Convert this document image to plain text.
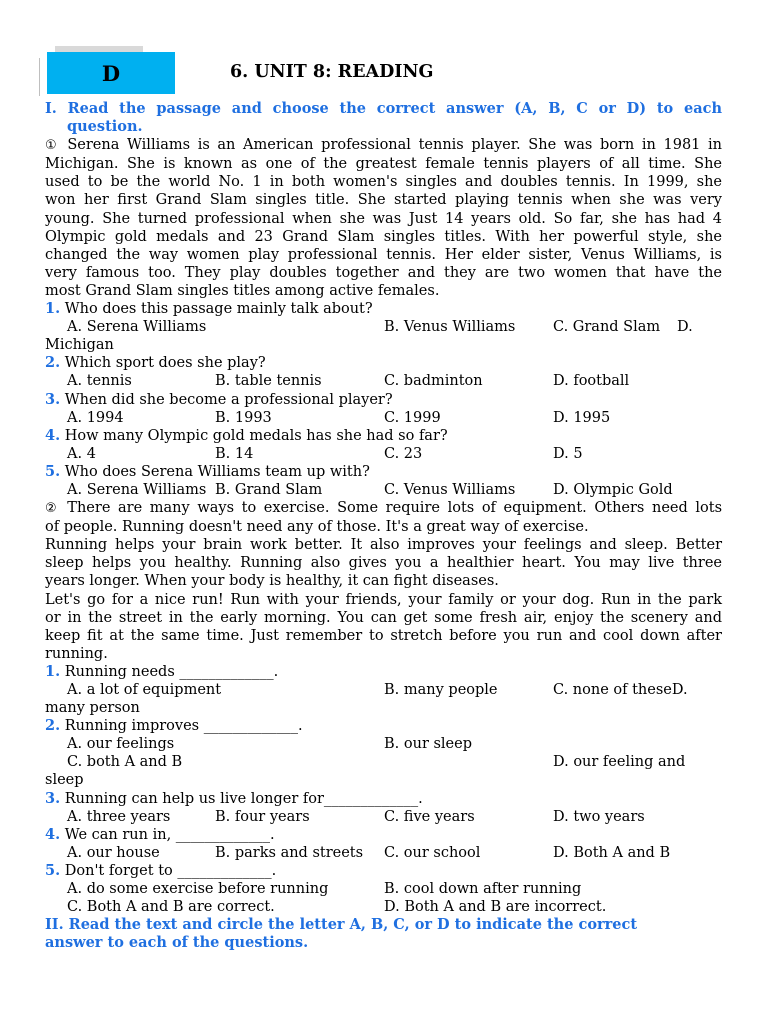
D	6. UNIT 8: READING
I. Read the passage and choose the correct answer (A, B, C or D) to each
question.
① Serena Williams is an American professional tennis player. She was born in 1981 in
Michigan. She is known as one of the greatest female tennis players of all time. She
used to be the world No. 1 in both women's singles and doubles tennis. In 1999, she
won her first Grand Slam singles title. She started playing tennis when she was very
young. She turned professional when she was Just 14 years old. So far, she has had 4
Olympic gold medals and 23 Grand Slam singles titles. With her powerful style, she
changed the way women play professional tennis. Her elder sister, Venus Williams, is
very famous too. They play doubles together and they are two women that have the
most Grand Slam singles titles among active females.
1. Who does this passage mainly talk about?
A. Serena Williams	B. Venus Williams	C. Grand Slam D.
Michigan
2. Which sport does she play?
A. tennis	B. table tennis	C. badminton	D. football
3. When did she become a professional player?
A. 1994	B. 1993	C. 1999	D. 1995
4. How many Olympic gold medals has she had so far?
A. 4	B. 14	C. 23	D. 5
5. Who does Serena Williams team up with?
A. Serena Williams B. Grand Slam	C. Venus Williams	D. Olympic Gold
② There are many ways to exercise. Some require lots of equipment. Others need lots
of people. Running doesn't need any of those. It's a great way of exercise.
Running helps your brain work better. It also improves your feelings and sleep. Better
sleep helps you healthy. Running also gives you a healthier heart. You may live three
years longer. When your body is healthy, it can fight diseases.
Let's go for a nice run! Run with your friends, your family or your dog. Run in the park
or in the street in the early morning. You can get some fresh air, enjoy the scenery and
keep fit at the same time. Just remember to stretch before you run and cool down after
running.
1. Running needs _____________.
A. a lot of equipment	B. many people	C. none of theseD.
many person
2. Running improves _____________.
A. our feelings	B. our sleep
C. both A and B	D. our feeling and
sleep
3. Running can help us live longer for_____________.
A. three years	B. four years	C. five years	D. two years
4. We can run in, _____________.
A. our house	B. parks and streets C. our school	D. Both A and B
5. Don't forget to _____________.
A. do some exercise before running	B. cool down after running
C. Both A and B are correct.	D. Both A and B are incorrect.
II. Read the text and circle the letter A, B, C, or D to indicate the correct
answer to each of the questions.
